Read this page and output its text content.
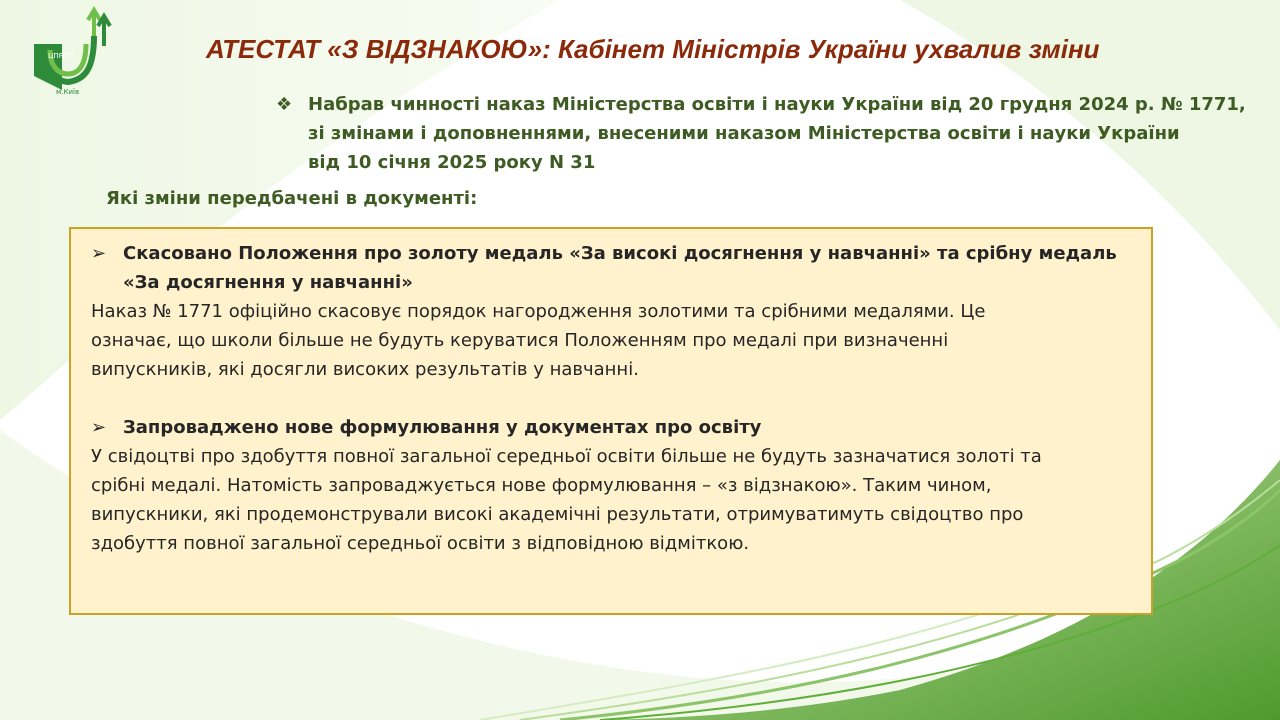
ЦПРПП
м.Київ
АТЕСТАТ «З ВІДЗНАКОЮ»: Кабінет Міністрів України ухвалив зміни
❖ Набрав чинності наказ Міністерства освіти і науки України від 20 грудня 2024 р. № 1771,
зі змінами і доповненнями, внесеними наказом Міністерства освіти і науки України
від 10 січня 2025 року N 31
Які зміни передбачені в документі:
➢ Скасовано Положення про золоту медаль «За високі досягнення у навчанні» та срібну медаль
«За досягнення у навчанні»
Наказ № 1771 офіційно скасовує порядок нагородження золотими та срібними медалями. Це
означає, що школи більше не будуть керуватися Положенням про медалі при визначенні
випускників, які досягли високих результатів у навчанні.
➢ Запроваджено нове формулювання у документах про освіту
У свідоцтві про здобуття повної загальної середньої освіти більше не будуть зазначатися золоті та
срібні медалі. Натомість запроваджується нове формулювання – «з відзнакою». Таким чином,
випускники, які продемонстрували високі академічні результати, отримуватимуть свідоцтво про
здобуття повної загальної середньої освіти з відповідною відміткою.
